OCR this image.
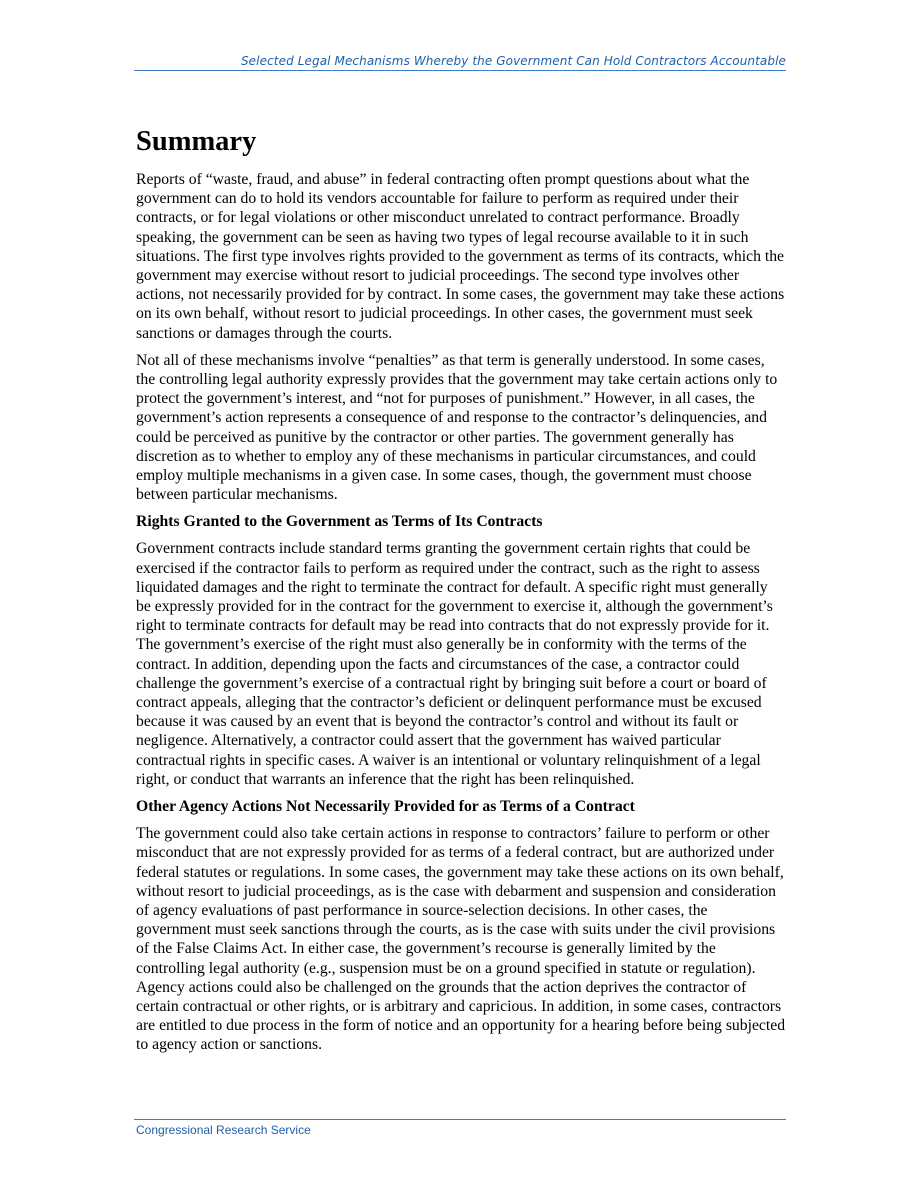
Selected Legal Mechanisms Whereby the Government Can Hold Contractors Accountable
Summary

Reports of “waste, fraud, and abuse” in federal contracting often prompt questions about what the government can do to hold its vendors accountable for failure to perform as required under their contracts, or for legal violations or other misconduct unrelated to contract performance. Broadly speaking, the government can be seen as having two types of legal recourse available to it in such situations. The first type involves rights provided to the government as terms of its contracts, which the government may exercise without resort to judicial proceedings. The second type involves other actions, not necessarily provided for by contract. In some cases, the government may take these actions on its own behalf, without resort to judicial proceedings. In other cases, the government must seek sanctions or damages through the courts.

Not all of these mechanisms involve “penalties” as that term is generally understood. In some cases, the controlling legal authority expressly provides that the government may take certain actions only to protect the government’s interest, and “not for purposes of punishment.” However, in all cases, the government’s action represents a consequence of and response to the contractor’s delinquencies, and could be perceived as punitive by the contractor or other parties. The government generally has discretion as to whether to employ any of these mechanisms in particular circumstances, and could employ multiple mechanisms in a given case. In some cases, though, the government must choose between particular mechanisms.

Rights Granted to the Government as Terms of Its Contracts

Government contracts include standard terms granting the government certain rights that could be exercised if the contractor fails to perform as required under the contract, such as the right to assess liquidated damages and the right to terminate the contract for default. A specific right must generally be expressly provided for in the contract for the government to exercise it, although the government’s right to terminate contracts for default may be read into contracts that do not expressly provide for it. The government’s exercise of the right must also generally be in conformity with the terms of the contract. In addition, depending upon the facts and circumstances of the case, a contractor could challenge the government’s exercise of a contractual right by bringing suit before a court or board of contract appeals, alleging that the contractor’s deficient or delinquent performance must be excused because it was caused by an event that is beyond the contractor’s control and without its fault or negligence. Alternatively, a contractor could assert that the government has waived particular contractual rights in specific cases. A waiver is an intentional or voluntary relinquishment of a legal right, or conduct that warrants an inference that the right has been relinquished.

Other Agency Actions Not Necessarily Provided for as Terms of a Contract

The government could also take certain actions in response to contractors’ failure to perform or other misconduct that are not expressly provided for as terms of a federal contract, but are authorized under federal statutes or regulations. In some cases, the government may take these actions on its own behalf, without resort to judicial proceedings, as is the case with debarment and suspension and consideration of agency evaluations of past performance in source-selection decisions. In other cases, the government must seek sanctions through the courts, as is the case with suits under the civil provisions of the False Claims Act. In either case, the government’s recourse is generally limited by the controlling legal authority (e.g., suspension must be on a ground specified in statute or regulation). Agency actions could also be challenged on the grounds that the action deprives the contractor of certain contractual or other rights, or is arbitrary and capricious. In addition, in some cases, contractors are entitled to due process in the form of notice and an opportunity for a hearing before being subjected to agency action or sanctions.

Congressional Research Service
